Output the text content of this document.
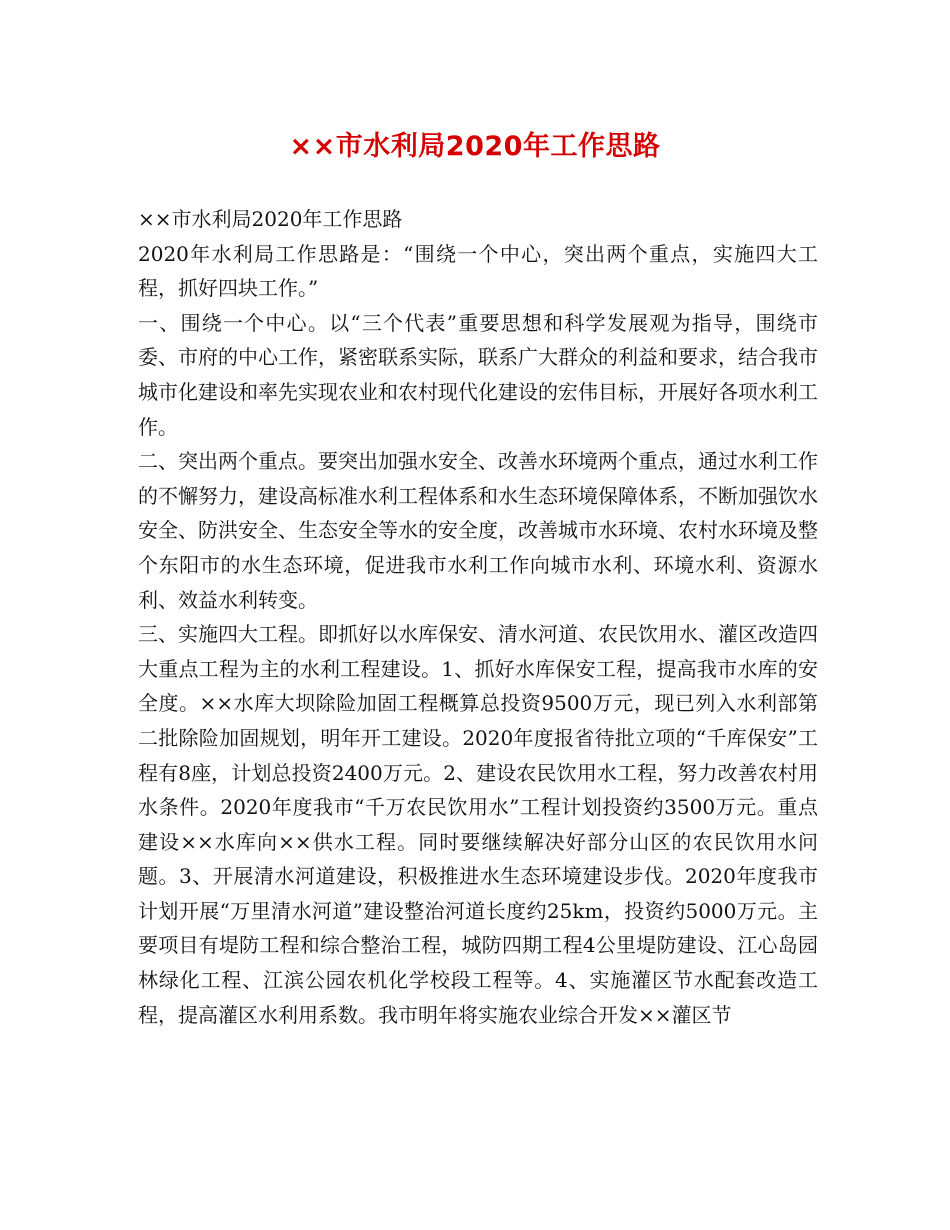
××市水利局2020年工作思路

××市水利局2020年工作思路

2020年水利局工作思路是：“围绕一个中心，突出两个重点，实施四大工程，抓好四块工作。”

一、围绕一个中心。以“三个代表”重要思想和科学发展观为指导，围绕市委、市府的中心工作，紧密联系实际，联系广大群众的利益和要求，结合我市城市化建设和率先实现农业和农村现代化建设的宏伟目标，开展好各项水利工作。

二、突出两个重点。要突出加强水安全、改善水环境两个重点，通过水利工作的不懈努力，建设高标准水利工程体系和水生态环境保障体系，不断加强饮水安全、防洪安全、生态安全等水的安全度，改善城市水环境、农村水环境及整个东阳市的水生态环境，促进我市水利工作向城市水利、环境水利、资源水利、效益水利转变。

三、实施四大工程。即抓好以水库保安、清水河道、农民饮用水、灌区改造四大重点工程为主的水利工程建设。1、抓好水库保安工程，提高我市水库的安全度。××水库大坝除险加固工程概算总投资9500万元，现已列入水利部第二批除险加固规划，明年开工建设。2020年度报省待批立项的“千库保安”工程有8座，计划总投资2400万元。2、建设农民饮用水工程，努力改善农村用水条件。2020年度我市“千万农民饮用水”工程计划投资约3500万元。重点建设××水库向××供水工程。同时要继续解决好部分山区的农民饮用水问题。3、开展清水河道建设，积极推进水生态环境建设步伐。2020年度我市计划开展“万里清水河道”建设整治河道长度约25km，投资约5000万元。主要项目有堤防工程和综合整治工程，城防四期工程4公里堤防建设、江心岛园林绿化工程、江滨公园农机化学校段工程等。4、实施灌区节水配套改造工程，提高灌区水利用系数。我市明年将实施农业综合开发××灌区节
